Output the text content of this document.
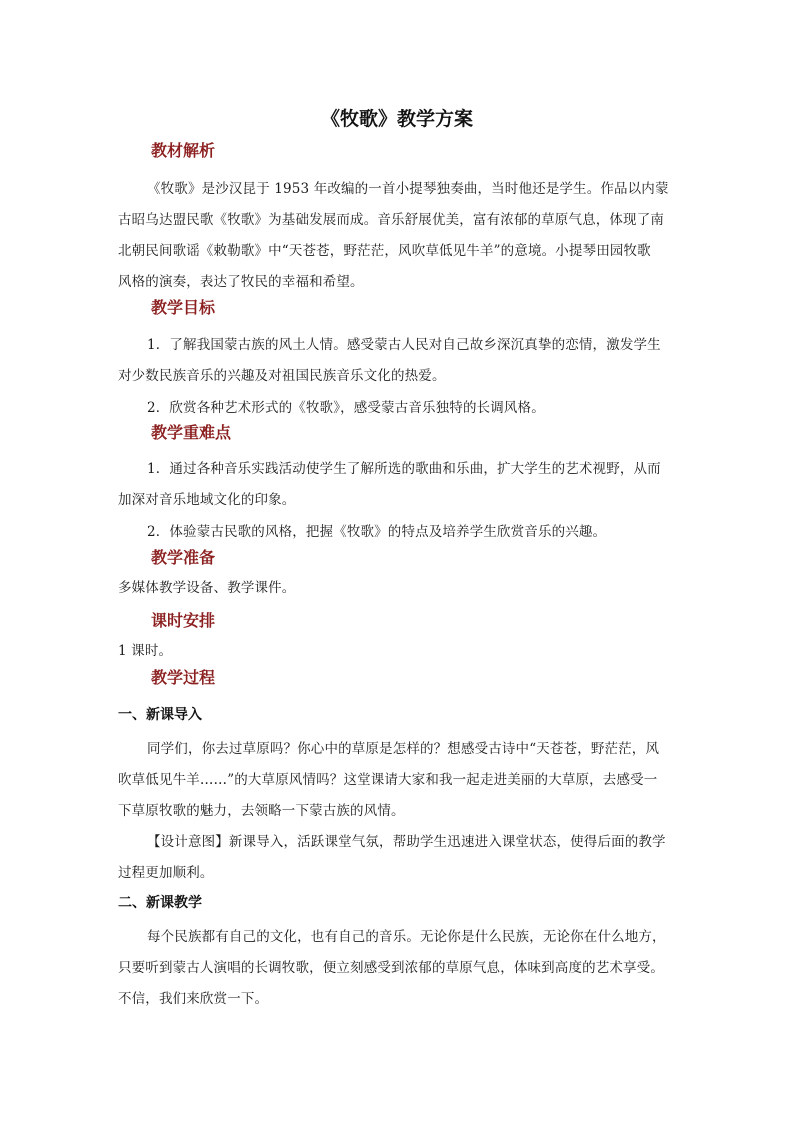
《牧歌》教学方案
教材解析
《牧歌》是沙汉昆于 1953 年改编的一首小提琴独奏曲，当时他还是学生。作品以内蒙
古昭乌达盟民歌《牧歌》为基础发展而成。音乐舒展优美，富有浓郁的草原气息，体现了南
北朝民间歌谣《敕勒歌》中“天苍苍，野茫茫，风吹草低见牛羊”的意境。小提琴田园牧歌
风格的演奏，表达了牧民的幸福和希望。
教学目标
1．了解我国蒙古族的风土人情。感受蒙古人民对自己故乡深沉真挚的恋情，激发学生
对少数民族音乐的兴趣及对祖国民族音乐文化的热爱。
2．欣赏各种艺术形式的《牧歌》，感受蒙古音乐独特的长调风格。
教学重难点
1．通过各种音乐实践活动使学生了解所选的歌曲和乐曲，扩大学生的艺术视野，从而
加深对音乐地域文化的印象。
2．体验蒙古民歌的风格，把握《牧歌》的特点及培养学生欣赏音乐的兴趣。
教学准备
多媒体教学设备、教学课件。
课时安排
1 课时。
教学过程
一、新课导入
同学们，你去过草原吗？你心中的草原是怎样的？想感受古诗中“天苍苍，野茫茫，风
吹草低见牛羊……”的大草原风情吗？这堂课请大家和我一起走进美丽的大草原，去感受一
下草原牧歌的魅力，去领略一下蒙古族的风情。
【设计意图】新课导入，活跃课堂气氛，帮助学生迅速进入课堂状态，使得后面的教学
过程更加顺利。
二、新课教学
每个民族都有自己的文化，也有自己的音乐。无论你是什么民族，无论你在什么地方，
只要听到蒙古人演唱的长调牧歌，便立刻感受到浓郁的草原气息，体味到高度的艺术享受。
不信，我们来欣赏一下。
